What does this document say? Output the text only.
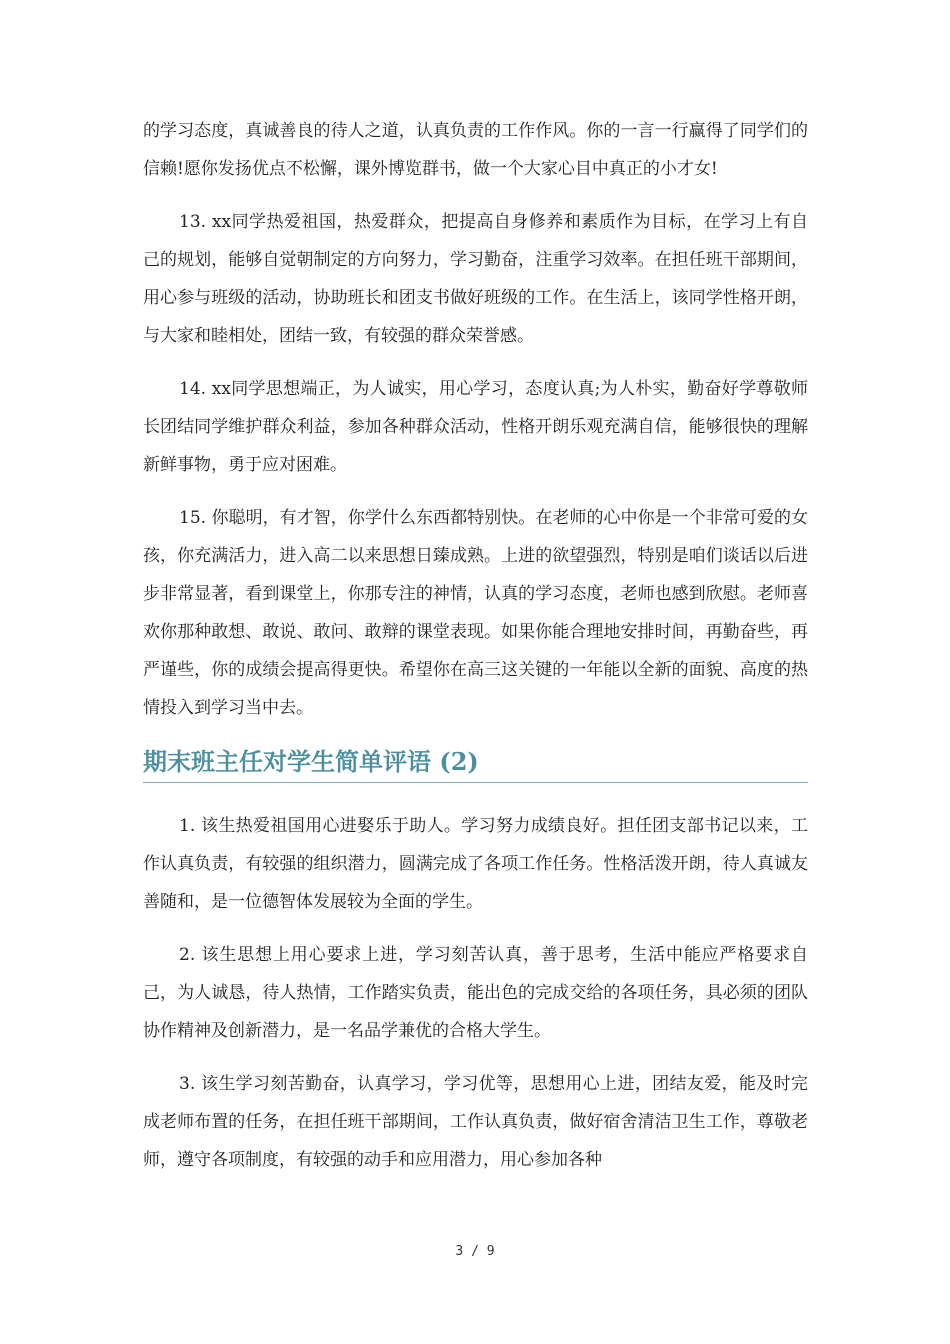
的学习态度，真诚善良的待人之道，认真负责的工作作风。你的一言一行赢得了同学们的信赖!愿你发扬优点不松懈，课外博览群书，做一个大家心目中真正的小才女!

13. xx同学热爱祖国，热爱群众，把提高自身修养和素质作为目标，在学习上有自己的规划，能够自觉朝制定的方向努力，学习勤奋，注重学习效率。在担任班干部期间，用心参与班级的活动，协助班长和团支书做好班级的工作。在生活上，该同学性格开朗，与大家和睦相处，团结一致，有较强的群众荣誉感。

14. xx同学思想端正，为人诚实，用心学习，态度认真;为人朴实，勤奋好学尊敬师长团结同学维护群众利益，参加各种群众活动，性格开朗乐观充满自信，能够很快的理解新鲜事物，勇于应对困难。

15. 你聪明，有才智，你学什么东西都特别快。在老师的心中你是一个非常可爱的女孩，你充满活力，进入高二以来思想日臻成熟。上进的欲望强烈，特别是咱们谈话以后进步非常显著，看到课堂上，你那专注的神情，认真的学习态度，老师也感到欣慰。老师喜欢你那种敢想、敢说、敢问、敢辩的课堂表现。如果你能合理地安排时间，再勤奋些，再严谨些，你的成绩会提高得更快。希望你在高三这关键的一年能以全新的面貌、高度的热情投入到学习当中去。

期末班主任对学生简单评语 (2)

1. 该生热爱祖国用心进娶乐于助人。学习努力成绩良好。担任团支部书记以来，工作认真负责，有较强的组织潜力，圆满完成了各项工作任务。性格活泼开朗，待人真诚友善随和，是一位德智体发展较为全面的学生。

2. 该生思想上用心要求上进，学习刻苦认真，善于思考，生活中能应严格要求自己，为人诚恳，待人热情，工作踏实负责，能出色的完成交给的各项任务，具必须的团队协作精神及创新潜力，是一名品学兼优的合格大学生。

3. 该生学习刻苦勤奋，认真学习，学习优等，思想用心上进，团结友爱，能及时完成老师布置的任务，在担任班干部期间，工作认真负责，做好宿舍清洁卫生工作，尊敬老师，遵守各项制度，有较强的动手和应用潜力，用心参加各种

3 / 9
